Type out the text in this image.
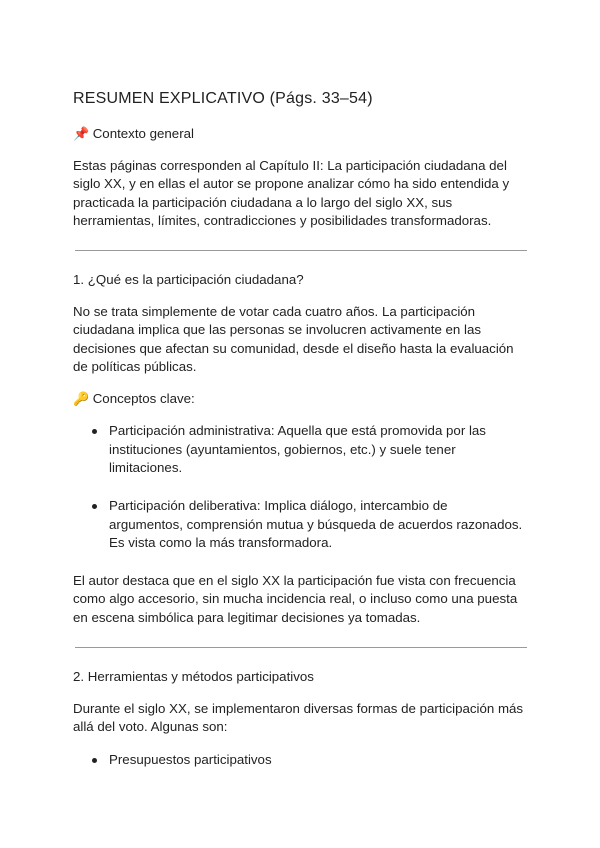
RESUMEN EXPLICATIVO (Págs. 33–54)
📌 Contexto general

Estas páginas corresponden al Capítulo II: La participación ciudadana del siglo XX, y en ellas el autor se propone analizar cómo ha sido entendida y practicada la participación ciudadana a lo largo del siglo XX, sus herramientas, límites, contradicciones y posibilidades transformadoras.

1. ¿Qué es la participación ciudadana?

No se trata simplemente de votar cada cuatro años. La participación ciudadana implica que las personas se involucren activamente en las decisiones que afectan su comunidad, desde el diseño hasta la evaluación de políticas públicas.

🔑 Conceptos clave:
Participación administrativa: Aquella que está promovida por las instituciones (ayuntamientos, gobiernos, etc.) y suele tener limitaciones.
Participación deliberativa: Implica diálogo, intercambio de argumentos, comprensión mutua y búsqueda de acuerdos razonados. Es vista como la más transformadora.

El autor destaca que en el siglo XX la participación fue vista con frecuencia como algo accesorio, sin mucha incidencia real, o incluso como una puesta en escena simbólica para legitimar decisiones ya tomadas.

2. Herramientas y métodos participativos

Durante el siglo XX, se implementaron diversas formas de participación más allá del voto. Algunas son:

Presupuestos participativos
